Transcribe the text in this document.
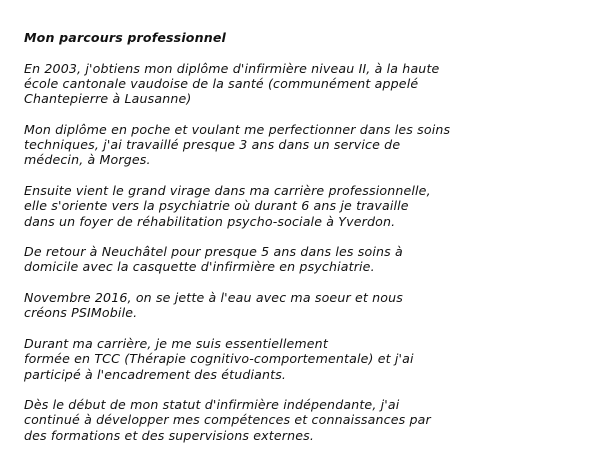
Mon parcours professionnel

En 2003, j'obtiens mon diplôme d'infirmière niveau II, à la haute
école cantonale vaudoise de la santé (communément appelé
Chantepierre à Lausanne)

Mon diplôme en poche et voulant me perfectionner dans les soins
techniques, j'ai travaillé presque 3 ans dans un service de
médecin, à Morges.

Ensuite vient le grand virage dans ma carrière professionnelle,
elle s'oriente vers la psychiatrie où durant 6 ans je travaille
dans un foyer de réhabilitation psycho-sociale à Yverdon.

De retour à Neuchâtel pour presque 5 ans dans les soins à
domicile avec la casquette d'infirmière en psychiatrie.

Novembre 2016, on se jette à l'eau avec ma soeur et nous
créons PSIMobile.

Durant ma carrière, je me suis essentiellement
formée en TCC (Thérapie cognitivo-comportementale) et j'ai
participé à l'encadrement des étudiants.

Dès le début de mon statut d'infirmière indépendante, j'ai
continué à développer mes compétences et connaissances par
des formations et des supervisions externes.
